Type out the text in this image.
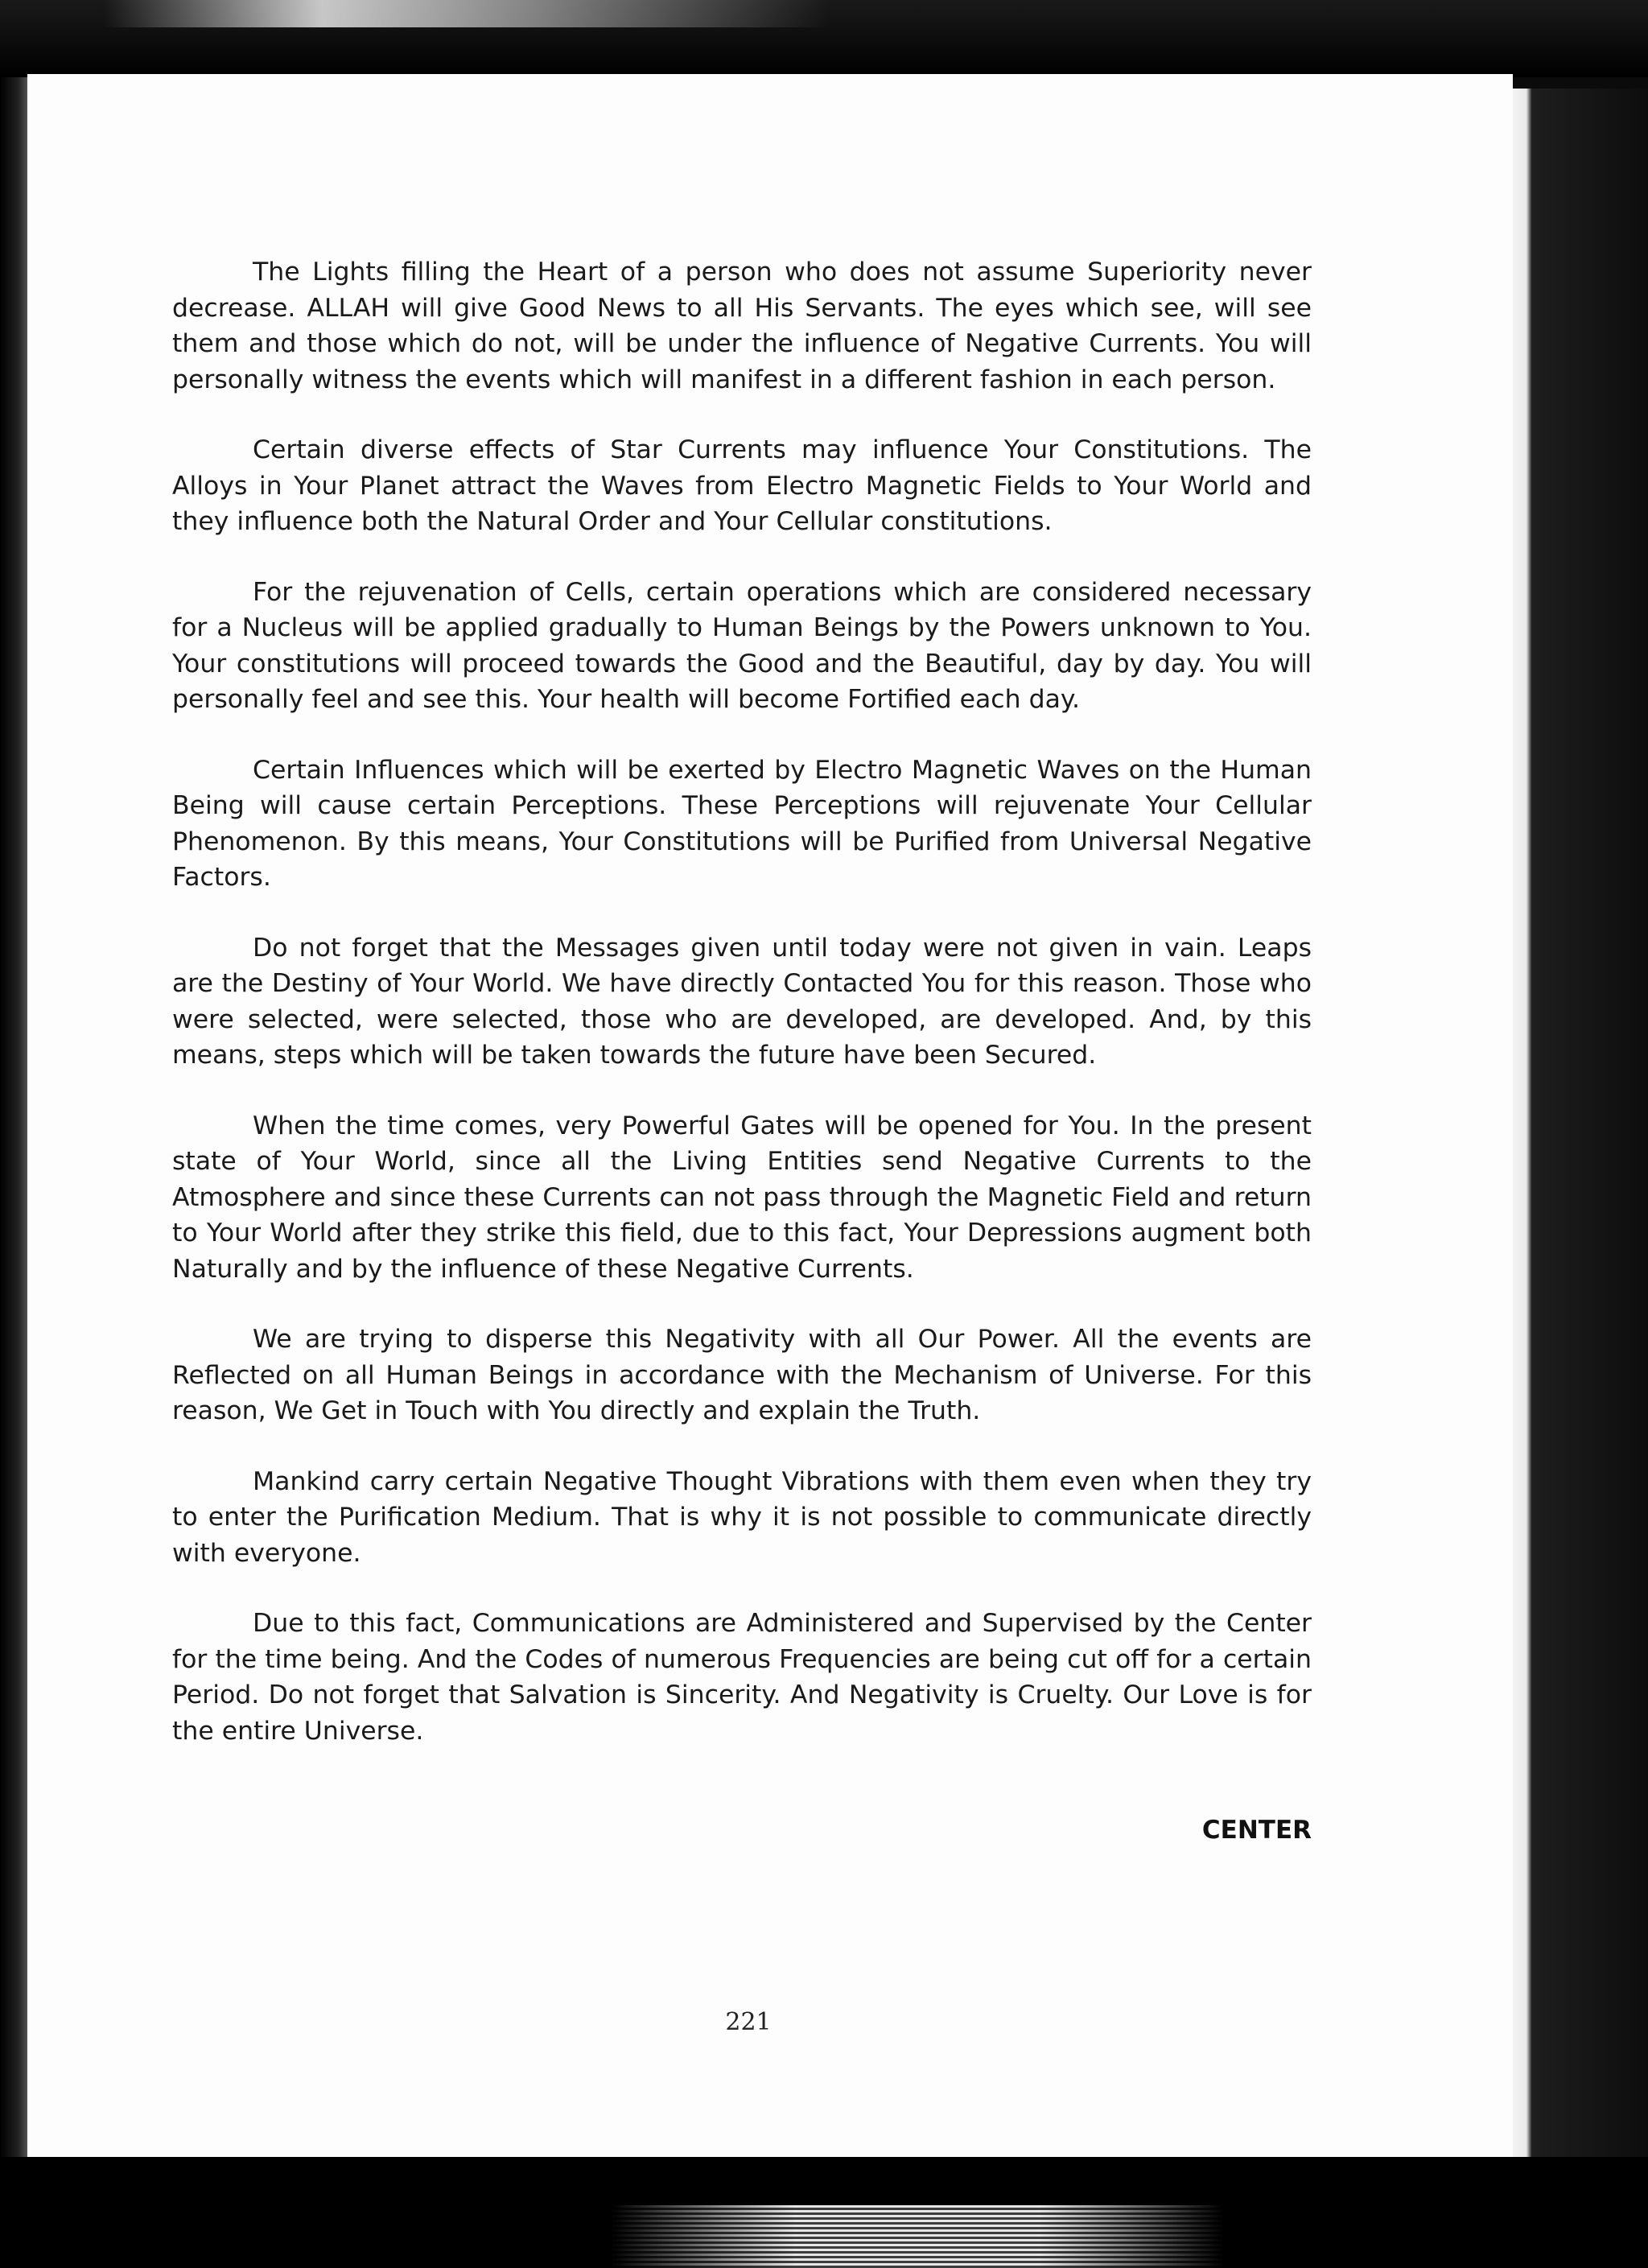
The Lights filling the Heart of a person who does not assume Superiority never decrease. ALLAH will give Good News to all His Servants. The eyes which see, will see them and those which do not, will be under the influence of Negative Currents. You will personally witness the events which will manifest in a different fashion in each person.

Certain diverse effects of Star Currents may influence Your Constitutions. The Alloys in Your Planet attract the Waves from Electro Magnetic Fields to Your World and they influence both the Natural Order and Your Cellular constitutions.

For the rejuvenation of Cells, certain operations which are considered necessary for a Nucleus will be applied gradually to Human Beings by the Powers unknown to You. Your constitutions will proceed towards the Good and the Beautiful, day by day. You will personally feel and see this. Your health will become Fortified each day.

Certain Influences which will be exerted by Electro Magnetic Waves on the Human Being will cause certain Perceptions. These Perceptions will rejuvenate Your Cellular Phenomenon. By this means, Your Constitutions will be Purified from Universal Negative Factors.

Do not forget that the Messages given until today were not given in vain. Leaps are the Destiny of Your World. We have directly Contacted You for this reason. Those who were selected, were selected, those who are developed, are developed. And, by this means, steps which will be taken towards the future have been Secured.

When the time comes, very Powerful Gates will be opened for You. In the present state of Your World, since all the Living Entities send Negative Currents to the Atmosphere and since these Currents can not pass through the Magnetic Field and return to Your World after they strike this field, due to this fact, Your Depressions augment both Naturally and by the influence of these Negative Currents.

We are trying to disperse this Negativity with all Our Power. All the events are Reflected on all Human Beings in accordance with the Mechanism of Universe. For this reason, We Get in Touch with You directly and explain the Truth.

Mankind carry certain Negative Thought Vibrations with them even when they try to enter the Purification Medium. That is why it is not possible to communicate directly with everyone.

Due to this fact, Communications are Administered and Supervised by the Center for the time being. And the Codes of numerous Frequencies are being cut off for a certain Period. Do not forget that Salvation is Sincerity. And Negativity is Cruelty. Our Love is for the entire Universe.

CENTER
221
